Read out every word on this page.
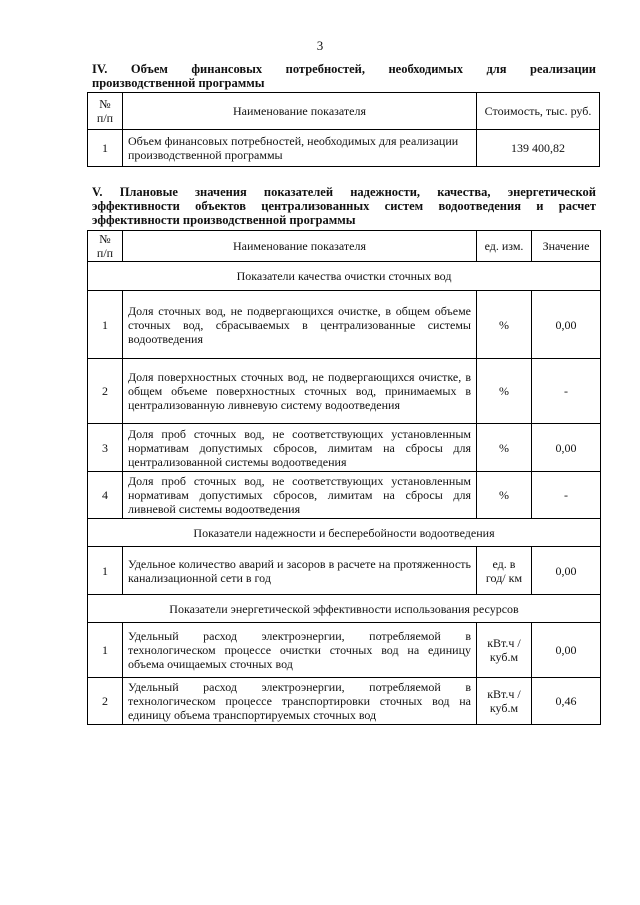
3
IV. Объем финансовых потребностей, необходимых для реализации
производственной программы
№ п/п	Наименование показателя	Стоимость, тыс. руб.
1	Объем финансовых потребностей, необходимых для реализации производственной программы	139 400,82
V. Плановые значения показателей надежности, качества, энергетической
эффективности объектов централизованных систем водоотведения и расчет
эффективности производственной программы
№ п/п	Наименование показателя	ед. изм.	Значение
Показатели качества очистки сточных вод			
1	Доля сточных вод, не подвергающихся очистке, в общем объеме сточных вод, сбрасываемых в централизованные системы водоотведения	%	0,00
2	Доля поверхностных сточных вод, не подвергающихся очистке, в общем объеме поверхностных сточных вод, принимаемых в централизованную ливневую систему водоотведения	%	-
3	Доля проб сточных вод, не соответствующих установленным нормативам допустимых сбросов, лимитам на сбросы для централизованной системы водоотведения	%	0,00
4	Доля проб сточных вод, не соответствующих установленным нормативам допустимых сбросов, лимитам на сбросы для ливневой системы водоотведения	%	-
Показатели надежности и бесперебойности водоотведения			
1	Удельное количество аварий и засоров в расчете на протяженность канализационной сети в год	ед. в год/ км	0,00
Показатели энергетической эффективности использования ресурсов			
1	Удельный расход электроэнергии, потребляемой в технологическом процессе очистки сточных вод на единицу объема очищаемых сточных вод	кВт.ч / куб.м	0,00
2	Удельный расход электроэнергии, потребляемой в технологическом процессе транспортировки сточных вод на единицу объема транспортируемых сточных вод	кВт.ч / куб.м	0,46
